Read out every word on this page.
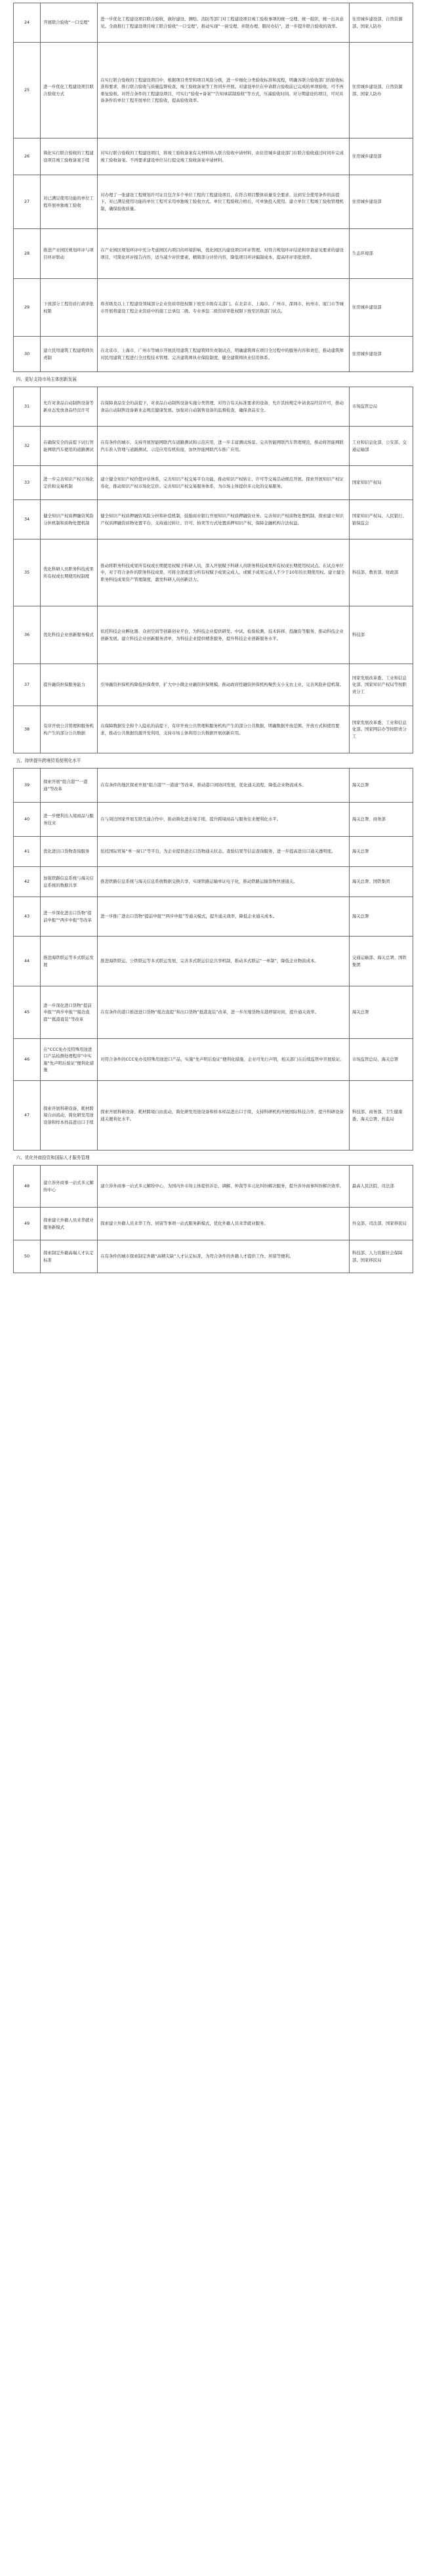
24	开展联合验收“一口受理”	进一步优化工程建设项目联合验收，做好建设、测绘、消防等部门对工程建设项目竣工验收事项的统一受理、统一组织，统一出具意见。全面推行工程建设项目竣工联合验收“一口受理”，推动实现“一窗受理、并联办理、限时办结”，进一步提升联合验收的效率。	住房城乡建设部、自然资源部、国家人防办
25	进一步优化工程建设项目联合验收方式	在实行联合验收的工程建设项目中，根据项目类型和项目风险分级，进一步细化分类验收标准和流程，明确各联合验收部门的验收标准和要求，推行联合验收与质量监督检查、竣工验收备案等工作同步开展。对建设单位在申请联合验收前已完成的单项验收，可不再重复验收。对符合条件的工程建设项目，可实行“验收+备案”“告知承诺制验收”等方式，压减验收时间。对分期建设的项目，可对具备条件的单位工程开展单位工程验收，提高验收效率。	住房城乡建设部、自然资源部、国家人防办
26	简化实行联合验收的工程建设项目竣工验收备案手续	对实行联合验收的工程建设项目，将竣工验收备案有关材料纳入联合验收申请材料，由住房城乡建设部门在联合验收通过时同步完成竣工验收备案。不再要求建设单位另行提交竣工验收备案申请材料。	住房城乡建设部
27	对已满足使用功能的单位工程开展单独竣工验收	对办理了一张建设工程规划许可证且包含多个单位工程的工程建设项目，在符合项目整体质量安全要求、达到安全使用条件的前提下，对已满足使用功能的单位工程可采用单独竣工验收方式。单位工程验收合格后，可单独投入使用。建立单位工程竣工验收管理机制，确保验收质量。	住房城乡建设部
28	推进产业园区规划环评与项目环评联动	在产业园区规划环评中充分考虑园区内项目的环境影响，优化园区内建设项目环评管理。对符合规划环评结论和审查意见要求的建设项目，可简化环评报告内容，适当减少评价要素，精简部分评价内容，降低项目环评编制成本，提高环评审批效率。	生态环境部
29	下放部分工程资质行政审批权限	将省级及以上工程建设领域部分企业资质审批权限下放至市级有关部门。在北京市、上海市、广州市、深圳市、杭州市、厦门市等城市开展将建设工程企业资质中的施工总承包二级、专业承包二级资质审批权限下放至区级部门试点。	住房城乡建设部
30	建立民用建筑工程建筑师负责制	在北京市、上海市、广州市等城市开展民用建筑工程建筑师负责制试点，明确建筑师在项目全过程中的服务内容和责任，推动建筑师对民用建筑工程进行全过程技术管理。完善建筑师执业保险制度，健全建筑师执业信用体系。	住房城乡建设部
四、更好支持市场主体创新发展			
31	允许对食品自动制售设备等新业态发放食品经营许可	在保障食品安全的前提下，对食品自动制售设备实施分类管理，对符合有关标准要求的设备，允许其按规定申请食品经营许可，推动食品自动制售设备新业态规范健康发展。加强对自动制售设备的监督检查，确保食品安全。	市场监管总局
32	在确保安全的前提下试行智能网联汽车使用的道路测试	在有条件的城市，支持开展智能网联汽车道路测试和示范应用，进一步丰富测试场景。完善智能网联汽车管理规范，推动将智能网联汽车准入管理与道路测试、示范应用有机衔接，加快智能网联汽车推广应用。	工业和信息化部、公安部、交通运输部
33	进一步完善知识产权市场化定价和交易机制	建立健全知识产权价值评估体系，完善知识产权交易平台功能，推动知识产权转让、许可等交易活动规范开展。探索开展知识产权证券化，推动知识产权市场化定价。完善知识产权交易服务体系，为市场主体提供多元化的交易服务。	国家知识产权局
34	健全知识产权质押融资风险分担机制和质物处置机制	健全知识产权质押融资风险分担和补偿机制，鼓励商业银行开展知识产权质押融资业务。完善知识产权质物处置机制，探索建立知识产权质押融资质物处置平台，支持通过转让、许可、拍卖等方式处置质押知识产权，保障金融机构合法权益。	国家知识产权局、人民银行、银保监会
35	优化科研人员职务科技成果所有权或长期使用权制度	推动将职务科技成果所有权或长期使用权赋予科研人员，深入开展赋予科研人员职务科技成果所有权或长期使用权试点。在试点单位中，对于符合条件的职务科技成果，可将全部或部分所有权赋予成果完成人，或赋予成果完成人不少于10年的长期使用权。建立健全职务科技成果资产管理制度，激发科研人员创新活力。	科技部、教育部、财政部
36	优化科技企业创新服务模式	依托科技企业孵化器、众创空间等创新创业平台，为科技企业提供研发、中试、检验检测、技术转移、投融资等服务，推动科技企业创新发展。建立科技企业创新服务清单，为科技企业提供精准服务，提升科技企业创新服务水平。	科技部
37	提升融资担保服务能力	引导融资担保机构降低担保费率，扩大中小微企业融资担保规模。推动政府性融资担保机构聚焦支小支农主业，完善风险补偿机制。	国家发展改革委、工业和信息化部、国家知识产权局等按职责分工
38	有序开放公共管理和服务机构产生的部分公共数据	在保障数据安全和个人隐私的前提下，有序开放公共管理和服务机构产生的部分公共数据，明确数据开放范围、开放方式和使用要求，推动公共数据资源开发利用，支持市场主体利用公共数据开展创新应用。	国家发展改革委、工业和信息化部、国家网信办等按职责分工
五、持续提升跨境贸易便利化水平			
39	探索开展“组合港”“一港通”等改革	在有条件的地区探索开展“组合港”“一港通”等改革，推动港口间协同发展，优化通关流程，降低企业物流成本。	海关总署
40	进一步便利出入境商品与服务往来	在与周边国家开展互联互通合作中，推动简化进出境手续，提升跨境商品与服务往来便利化水平。	海关总署、商务部
41	优化进出口货物查询服务	依托国际贸易“单一窗口”等平台，为企业提供进出口货物通关状态、查验结果等信息查询服务，进一步提高进出口通关透明度。	海关总署
42	加强铁路信息系统与海关信息系统的数据共享	推进铁路信息系统与海关信息系统数据交换共享，实现铁路运输单证电子化，推动铁路运输货物快速通关。	海关总署、国铁集团
43	进一步深化进出口货物“提前申报”“两步申报”等改革	进一步推广进出口货物“提前申报”“两步申报”等通关模式，提升通关效率，降低企业通关成本。	海关总署
44	推进海铁联运等多式联运发展	推进海铁联运、公铁联运等多式联运发展，完善多式联运信息共享机制，推动多式联运“一单制”，降低企业物流成本。	交通运输部、海关总署、国铁集团
45	进一步深化进口货物“提前申报”“两步申报”“船边直提”“抵港直装”等改革	在有条件的港口推进进口货物“船边直提”和出口货物“抵港直装”改革，进一步压缩货物在港停留时间，提升通关效率。	海关总署
46	在“CCC免办及特殊用途进口产品检测处理程序”中实施“先声明后验证”便利化措施	对符合条件的CCC免办及特殊用途进口产品，实施“先声明后验证”便利化措施，企业可先行声明，相关部门在后续监管中开展验证。	市场监管总局、海关总署
47	探索开展科研设备、耗材跨境自由流动，简化研发用途设备和样本样品进出口手续	探索开展科研设备、耗材跨境自由流动，简化研发用途设备和样本样品进出口手续，支持科研机构开展国际科技合作，提升科研设备通关便利化水平。	科技部、商务部、卫生健康委、海关总署、药监局
六、优化外商投资和国际人才服务管理			
48	建立涉外商事一站式多元解纷中心	建立涉外商事一站式多元解纷中心，为国内外市场主体提供诉讼、调解、仲裁等多元化纠纷解决服务，提升涉外商事纠纷解决效率。	最高人民法院、司法部
49	探索建立外籍人员来华就业服务新模式	探索建立外籍人员来华工作、居留等事项一站式服务新模式，优化外籍人员来华就业服务。	外交部、司法部、国家移民局
50	探索制定外籍高端人才认定标准	在有条件的城市探索制定外籍“高精尖缺”人才认定标准，为符合条件的外籍人才提供工作、居留等便利。	科技部、人力资源社会保障部、国家移民局
